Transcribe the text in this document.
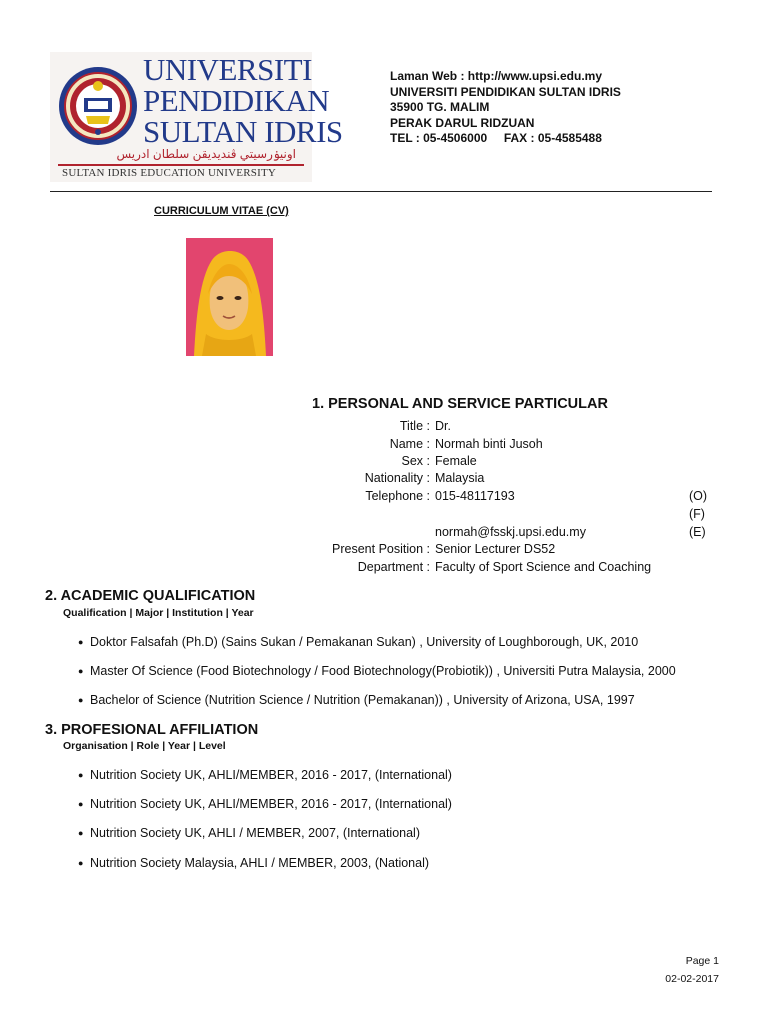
UNIVERSITI
PENDIDIKAN
SULTAN IDRIS
اونيۏرسيتي ڤنديديقن سلطان ادريس
SULTAN IDRIS EDUCATION UNIVERSITY
Laman Web : http://www.upsi.edu.my
UNIVERSITI PENDIDIKAN SULTAN IDRIS
35900 TG. MALIM
PERAK DARUL RIDZUAN
TEL : 05-4506000     FAX : 05-4585488
CURRICULUM VITAE (CV)
1. PERSONAL AND SERVICE PARTICULAR
Title : Dr.
Name : Normah binti Jusoh
Sex : Female
Nationality : Malaysia
Telephone : 015-48117193	(O)
(F)
normah@fsskj.upsi.edu.my	(E)
Present Position : Senior Lecturer DS52
Department : Faculty of Sport Science and Coaching
2. ACADEMIC QUALIFICATION
Qualification | Major | Institution | Year
● Doktor Falsafah (Ph.D) (Sains Sukan / Pemakanan Sukan) , University of Loughborough, UK, 2010
● Master Of Science (Food Biotechnology / Food Biotechnology(Probiotik)) , Universiti Putra Malaysia, 2000
● Bachelor of Science (Nutrition Science / Nutrition (Pemakanan)) , University of Arizona, USA, 1997
3. PROFESIONAL AFFILIATION
Organisation | Role | Year | Level
● Nutrition Society UK, AHLI/MEMBER, 2016 - 2017, (International)
● Nutrition Society UK, AHLI/MEMBER, 2016 - 2017, (International)
● Nutrition Society UK, AHLI / MEMBER, 2007, (International)
● Nutrition Society Malaysia, AHLI / MEMBER, 2003, (National)
Page 1
02-02-2017
